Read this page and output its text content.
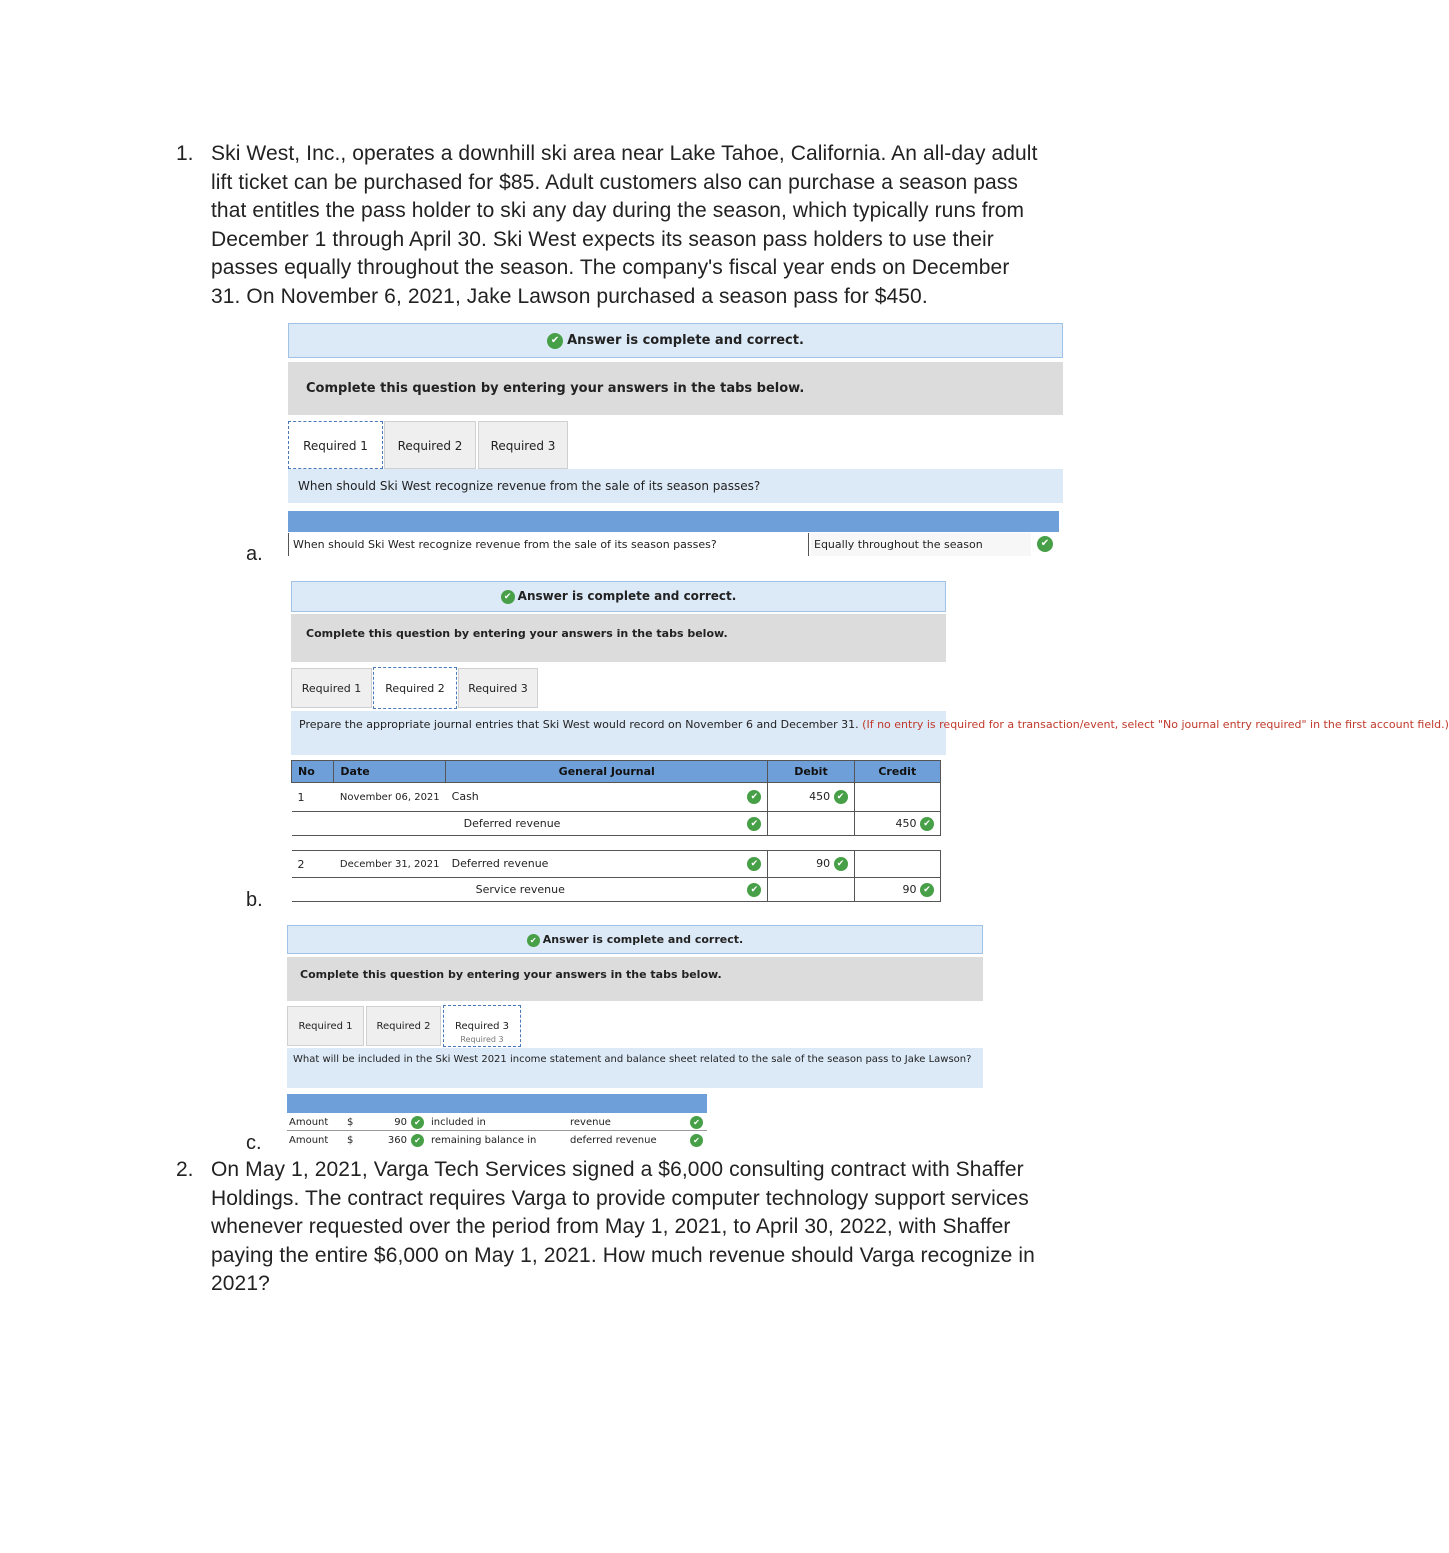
1. Ski West, Inc., operates a downhill ski area near Lake Tahoe, California. An all-day adult
lift ticket can be purchased for $85. Adult customers also can purchase a season pass
that entitles the pass holder to ski any day during the season, which typically runs from
December 1 through April 30. Ski West expects its season pass holders to use their
passes equally throughout the season. The company's fiscal year ends on December
31. On November 6, 2021, Jake Lawson purchased a season pass for $450.
✔ Answer is complete and correct.
Complete this question by entering your answers in the tabs below.
Required 1	Required 2	Required 3
When should Ski West recognize revenue from the sale of its season passes?
When should Ski West recognize revenue from the sale of its season passes?	Equally throughout the season	✔
a.
✔ Answer is complete and correct.
Complete this question by entering your answers in the tabs below.
Required 1	Required 2	Required 3
Prepare the appropriate journal entries that Ski West would record on November 6 and December 31. (If no entry is required for a transaction/event, select "No journal entry required" in the first account field.)
No	Date	General Journal	Debit	Credit
1	November 06, 2021	Cash ✔	450 ✔	
		Deferred revenue ✔		450 ✔

2	December 31, 2021	Deferred revenue ✔	90 ✔	
		Service revenue ✔		90 ✔
b.
✔ Answer is complete and correct.
Complete this question by entering your answers in the tabs below.
Required 1	Required 2	Required 3
Required 3
What will be included in the Ski West 2021 income statement and balance sheet related to the sale of the season pass to Jake Lawson?
Amount $	90 ✔	included in	revenue	✔
Amount $	360 ✔	remaining balance in	deferred revenue	✔
c.
2. On May 1, 2021, Varga Tech Services signed a $6,000 consulting contract with Shaffer
Holdings. The contract requires Varga to provide computer technology support services
whenever requested over the period from May 1, 2021, to April 30, 2022, with Shaffer
paying the entire $6,000 on May 1, 2021. How much revenue should Varga recognize in
2021?
